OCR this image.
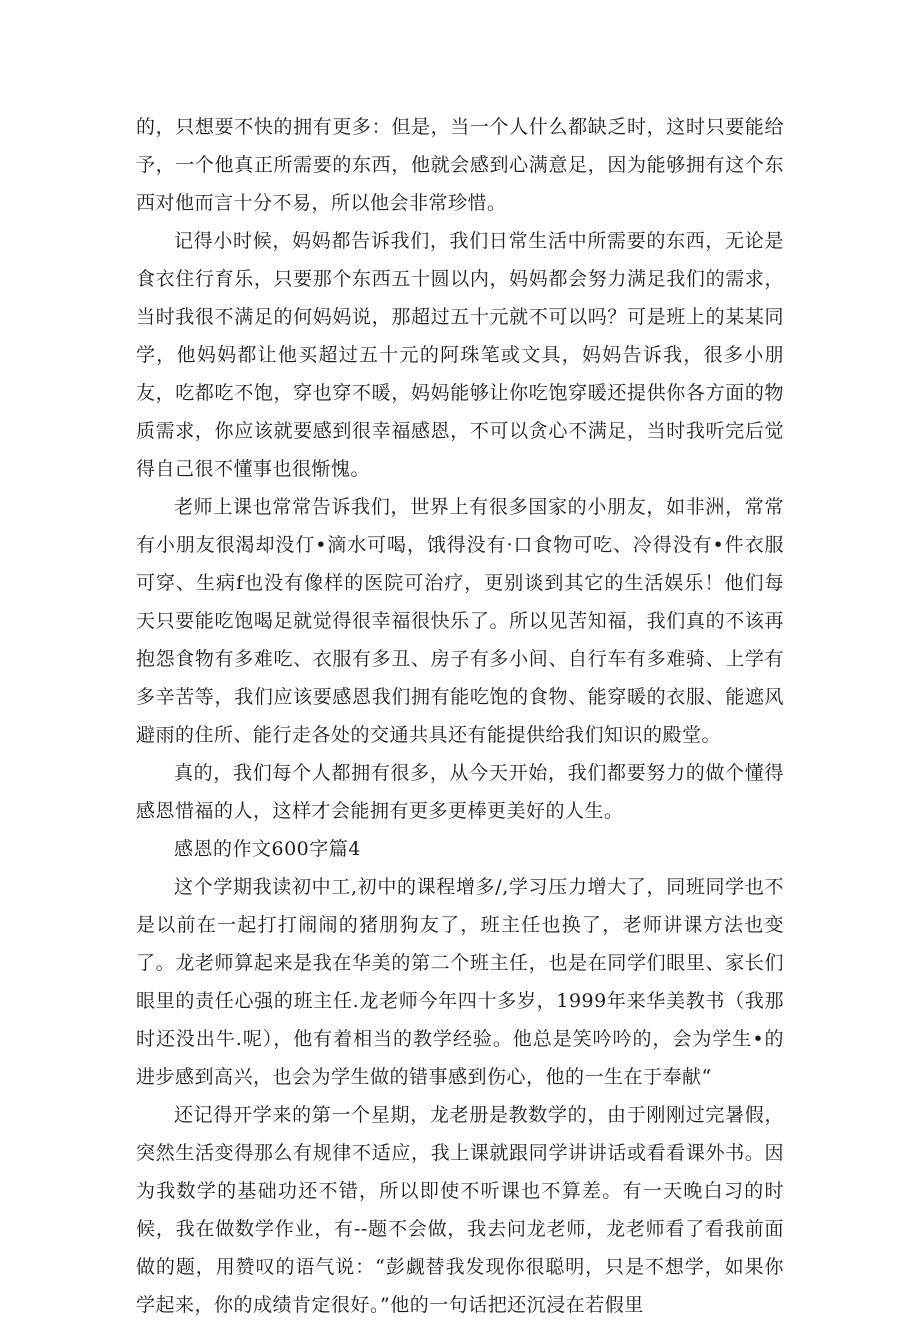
的，只想要不快的拥有更多：但是，当一个人什么都缺乏时，这时只要能给予，一个他真正所需要的东西，他就会感到心满意足，因为能够拥有这个东西对他而言十分不易，所以他会非常珍惜。

记得小时候，妈妈都告诉我们，我们日常生活中所需要的东西，无论是食衣住行育乐，只要那个东西五十圆以内，妈妈都会努力满足我们的需求，当时我很不满足的何妈妈说，那超过五十元就不可以吗？可是班上的某某同学，他妈妈都让他买超过五十元的阿珠笔或文具，妈妈告诉我，很多小朋友，吃都吃不饱，穿也穿不暖，妈妈能够让你吃饱穿暖还提供你各方面的物质需求，你应该就要感到很幸福感恩，不可以贪心不满足，当时我听完后觉得自己很不懂事也很惭愧。

老师上课也常常告诉我们，世界上有很多国家的小朋友，如非洲，常常有小朋友很渴却没仃•滴水可喝，饿得没有·口食物可吃、冷得没有•件衣服可穿、生病f也没有像样的医院可治疗，更别谈到其它的生活娱乐！他们每天只要能吃饱喝足就觉得很幸福很快乐了。所以见苦知福，我们真的不该再抱怨食物有多难吃、衣服有多丑、房子有多小间、自行车有多难骑、上学有多辛苦等，我们应该要感恩我们拥有能吃饱的食物、能穿暖的衣服、能遮风避雨的住所、能行走各处的交通共具还有能提供给我们知识的殿堂。

真的，我们每个人都拥有很多，从今天开始，我们都要努力的做个懂得感恩惜福的人，这样才会能拥有更多更棒更美好的人生。

感恩的作文600字篇4

这个学期我读初中工,初中的课程增多/,学习压力增大了，同班同学也不是以前在一起打打闹闹的猪朋狗友了，班主任也换了，老师讲课方法也变了。龙老师算起来是我在华美的第二个班主任，也是在同学们眼里、家长们眼里的责任心强的班主任.龙老师今年四十多岁，1999年来华美教书（我那时还没出牛.呢），他有着相当的教学经验。他总是笑吟吟的，会为学生•的进步感到高兴，也会为学生做的错事感到伤心，他的一生在于奉献“

还记得开学来的第一个星期，龙老册是教数学的，由于刚刚过完暑假，突然生活变得那么有规律不适应，我上课就跟同学讲讲话或看看课外书。因为我数学的基础功还不错，所以即使不听课也不算差。有一天晚白习的时候，我在做数学作业，有--题不会做，我去问龙老师，龙老师看了看我前面做的题，用赞叹的语气说：“彭觑替我发现你很聪明，只是不想学，如果你学起来，你的成绩肯定很好。”他的一句话把还沉浸在若假里
